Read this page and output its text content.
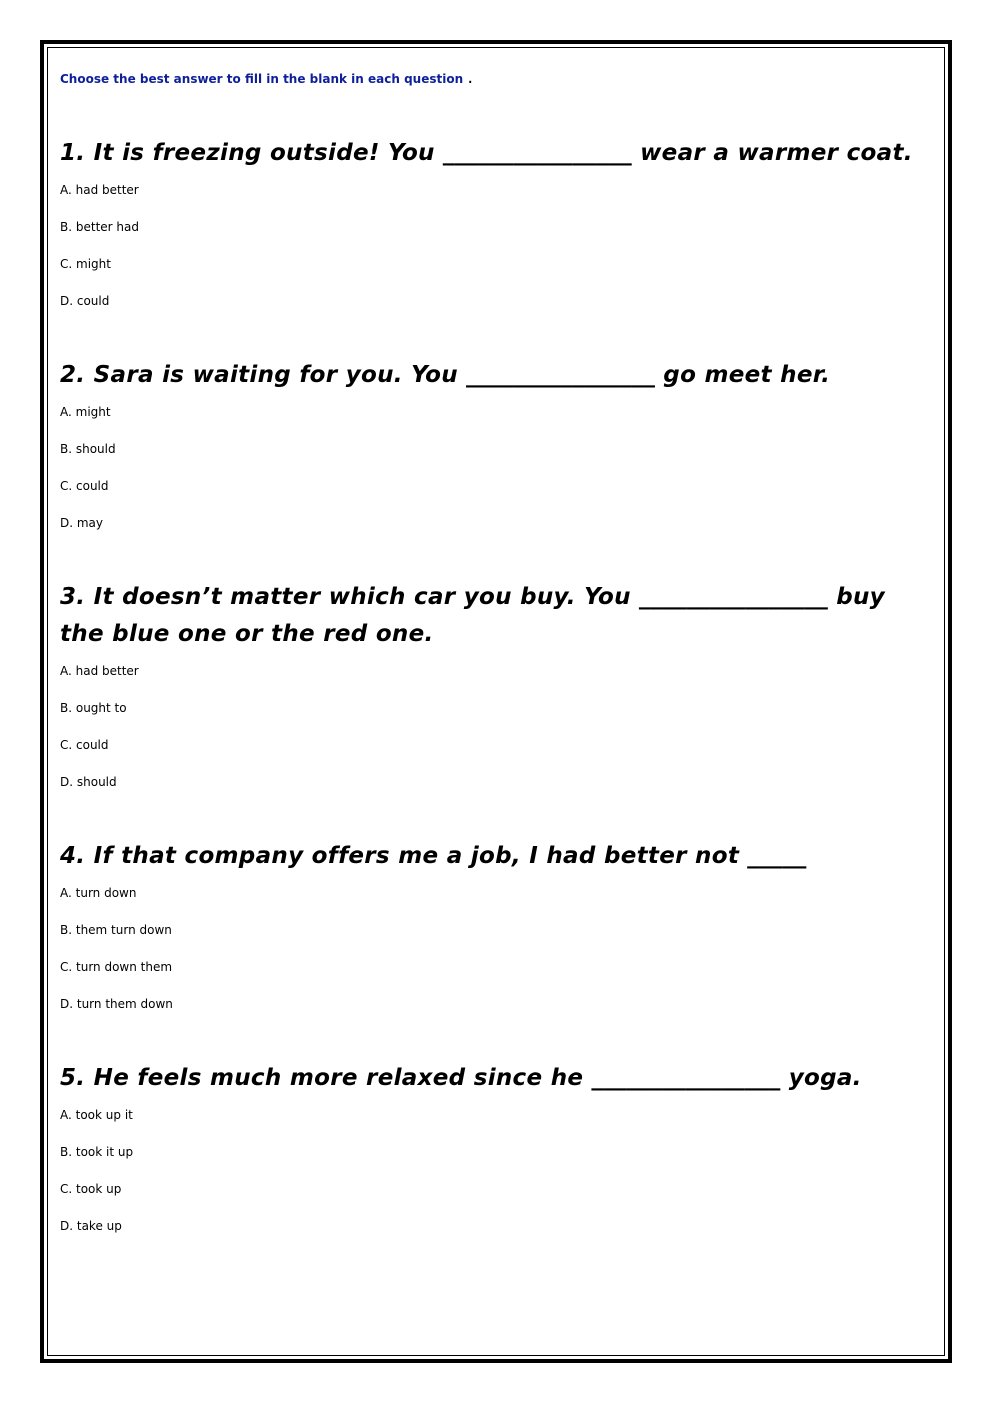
Choose the best answer to fill in the blank in each question .
1. It is freezing outside! You ________________ wear a warmer coat.
A. had better
B. better had
C. might
D. could
2. Sara is waiting for you. You ________________ go meet her.
A. might
B. should
C. could
D. may
3. It doesn’t matter which car you buy. You ________________ buy the blue one or the red one.
A. had better
B. ought to
C. could
D. should
4. If that company offers me a job, I had better not _____
A. turn down
B. them turn down
C. turn down them
D. turn them down
5. He feels much more relaxed since he ________________ yoga.
A. took up it
B. took it up
C. took up
D. take up
